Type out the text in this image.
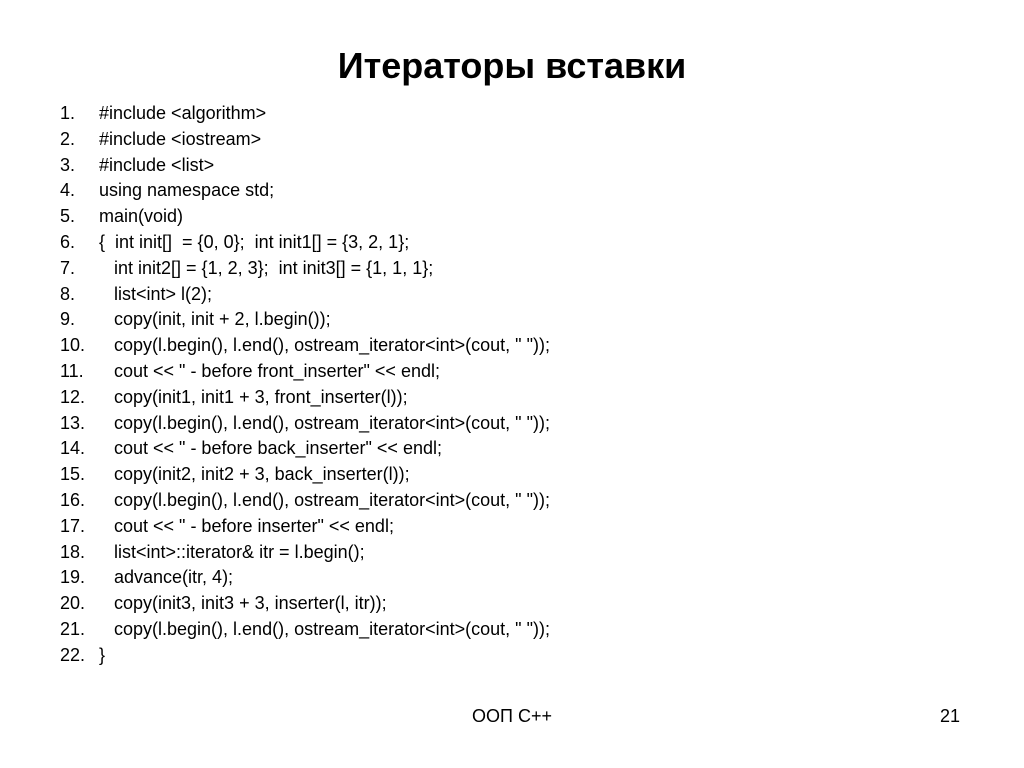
Итераторы вставки
1.	#include <algorithm>
2.	#include <iostream>
3.	#include <list>
4.	using namespace std;
5.	main(void)
6.	{  int init[]  = {0, 0};  int init1[] = {3, 2, 1};
7.	int init2[] = {1, 2, 3};  int init3[] = {1, 1, 1};
8.	list<int> l(2);
9.	copy(init, init + 2, l.begin());
10. copy(l.begin(), l.end(), ostream_iterator<int>(cout, " "));
11. cout << " - before front_inserter" << endl;
12. copy(init1, init1 + 3, front_inserter(l));
13. copy(l.begin(), l.end(), ostream_iterator<int>(cout, " "));
14. cout << " - before back_inserter" << endl;
15. copy(init2, init2 + 3, back_inserter(l));
16. copy(l.begin(), l.end(), ostream_iterator<int>(cout, " "));
17. cout << " - before inserter" << endl;
18. list<int>::iterator& itr = l.begin();
19. advance(itr, 4);
20. copy(init3, init3 + 3, inserter(l, itr));
21. copy(l.begin(), l.end(), ostream_iterator<int>(cout, " "));
22. }
ООП С++	21
